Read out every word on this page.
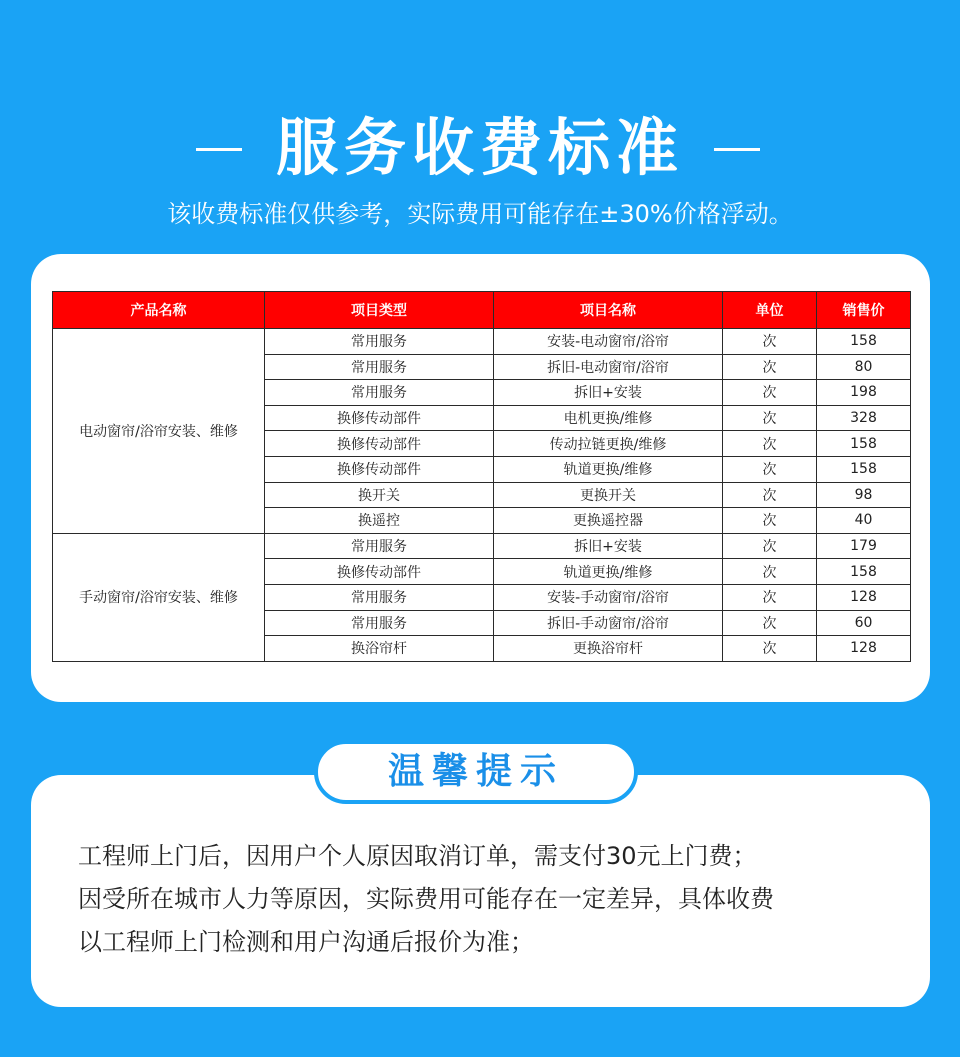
服务收费标准
该收费标准仅供参考，实际费用可能存在±30%价格浮动。
产品名称	项目类型	项目名称	单位	销售价
电动窗帘/浴帘安装、维修	常用服务	安装-电动窗帘/浴帘	次	158
	常用服务	拆旧-电动窗帘/浴帘	次	80
	常用服务	拆旧+安装	次	198
	换修传动部件	电机更换/维修	次	328
	换修传动部件	传动拉链更换/维修	次	158
	换修传动部件	轨道更换/维修	次	158
	换开关	更换开关	次	98
	换遥控	更换遥控器	次	40
手动窗帘/浴帘安装、维修	常用服务	拆旧+安装	次	179
	换修传动部件	轨道更换/维修	次	158
	常用服务	安装-手动窗帘/浴帘	次	128
	常用服务	拆旧-手动窗帘/浴帘	次	60
	换浴帘杆	更换浴帘杆	次	128
工程师上门后，因用户个人原因取消订单，需支付30元上门费；
因受所在城市人力等原因，实际费用可能存在一定差异，具体收费
以工程师上门检测和用户沟通后报价为准；
温馨提示
